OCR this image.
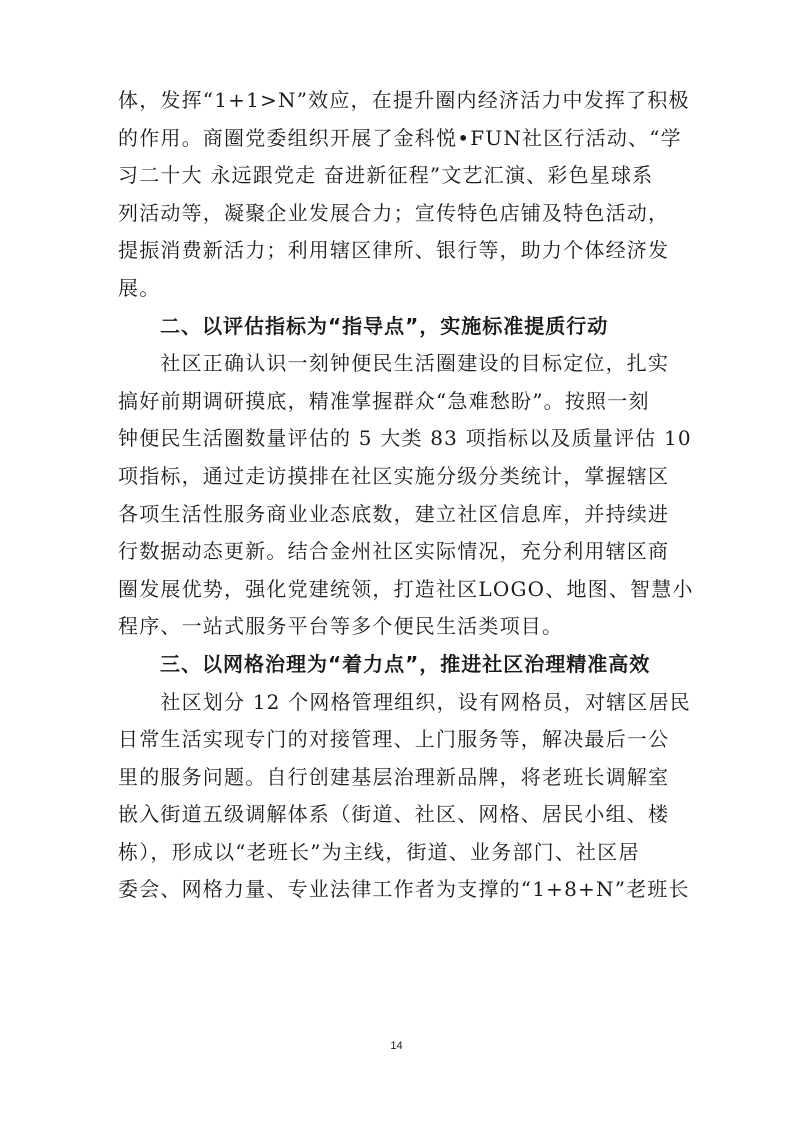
体，发挥“1+1>N”效应，在提升圈内经济活力中发挥了积极
的作用。商圈党委组织开展了金科悦•FUN社区行活动、“学
习二十大 永远跟党走 奋进新征程”文艺汇演、彩色星球系
列活动等，凝聚企业发展合力；宣传特色店铺及特色活动，
提振消费新活力；利用辖区律所、银行等，助力个体经济发
展。

二、以评估指标为“指导点”，实施标准提质行动

　　社区正确认识一刻钟便民生活圈建设的目标定位，扎实
搞好前期调研摸底，精准掌握群众“急难愁盼”。按照一刻
钟便民生活圈数量评估的 5 大类 83 项指标以及质量评估 10
项指标，通过走访摸排在社区实施分级分类统计，掌握辖区
各项生活性服务商业业态底数，建立社区信息库，并持续进
行数据动态更新。结合金州社区实际情况，充分利用辖区商
圈发展优势，强化党建统领，打造社区LOGO、地图、智慧小
程序、一站式服务平台等多个便民生活类项目。

三、以网格治理为“着力点”，推进社区治理精准高效

　　社区划分 12 个网格管理组织，设有网格员，对辖区居民
日常生活实现专门的对接管理、上门服务等，解决最后一公
里的服务问题。自行创建基层治理新品牌，将老班长调解室
嵌入街道五级调解体系（街道、社区、网格、居民小组、楼
栋），形成以“老班长”为主线，街道、业务部门、社区居
委会、网格力量、专业法律工作者为支撑的“1+8+N”老班长

14
